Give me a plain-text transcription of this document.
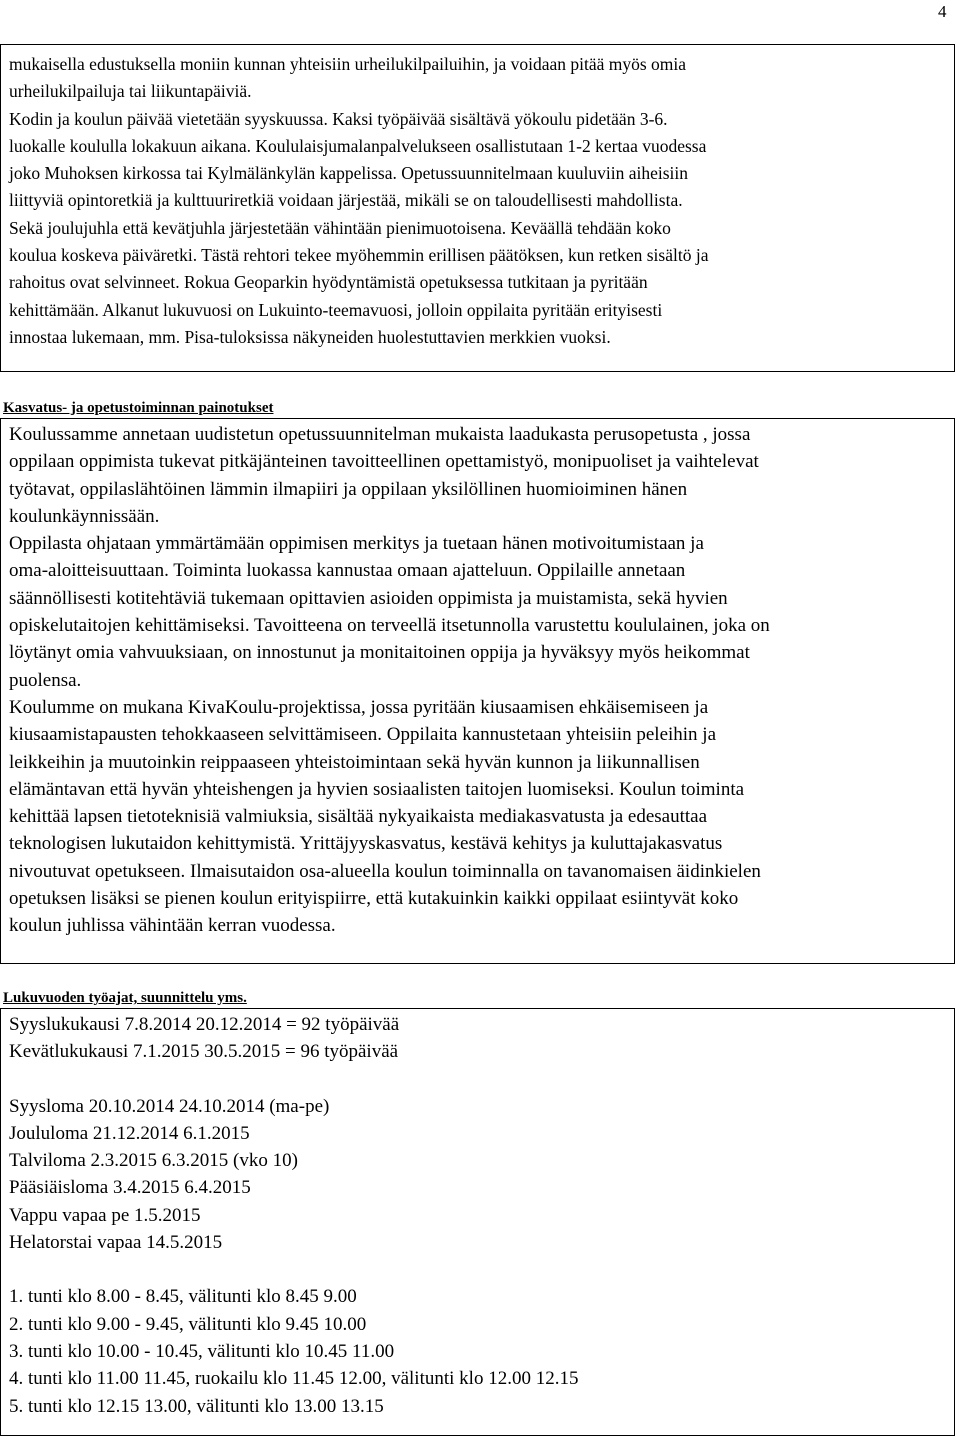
4
mukaisella edustuksella moniin kunnan yhteisiin urheilukilpailuihin, ja voidaan pitää myös omia
urheilukilpailuja tai liikuntapäiviä.
Kodin ja koulun päivää vietetään syyskuussa. Kaksi työpäivää sisältävä yökoulu pidetään 3-6.
luokalle koululla lokakuun aikana. Koululaisjumalanpalvelukseen osallistutaan 1-2 kertaa vuodessa
joko Muhoksen kirkossa tai Kylmälänkylän kappelissa. Opetussuunnitelmaan kuuluviin aiheisiin
liittyviä opintoretkiä ja kulttuuriretkiä voidaan järjestää, mikäli se on taloudellisesti mahdollista.
Sekä joulujuhla että kevätjuhla järjestetään vähintään pienimuotoisena. Keväällä tehdään koko
koulua koskeva päiväretki. Tästä rehtori tekee myöhemmin erillisen päätöksen, kun retken sisältö ja
rahoitus ovat selvinneet. Rokua Geoparkin hyödyntämistä opetuksessa tutkitaan ja pyritään
kehittämään. Alkanut lukuvuosi on Lukuinto-teemavuosi, jolloin oppilaita pyritään erityisesti
innostaa lukemaan, mm. Pisa-tuloksissa näkyneiden huolestuttavien merkkien vuoksi.
Kasvatus- ja opetustoiminnan painotukset
Koulussamme annetaan uudistetun opetussuunnitelman mukaista laadukasta perusopetusta , jossa
oppilaan oppimista tukevat pitkäjänteinen tavoitteellinen opettamistyö, monipuoliset ja vaihtelevat
työtavat, oppilaslähtöinen lämmin ilmapiiri ja oppilaan yksilöllinen huomioiminen hänen
koulunkäynnissään.
Oppilasta ohjataan ymmärtämään oppimisen merkitys ja tuetaan hänen motivoitumistaan ja
oma-aloitteisuuttaan. Toiminta luokassa kannustaa omaan ajatteluun. Oppilaille annetaan
säännöllisesti kotitehtäviä tukemaan opittavien asioiden oppimista ja muistamista, sekä hyvien
opiskelutaitojen kehittämiseksi. Tavoitteena on terveellä itsetunnolla varustettu koululainen, joka on
löytänyt omia vahvuuksiaan, on innostunut ja monitaitoinen oppija ja hyväksyy myös heikommat
puolensa.
Koulumme on mukana KivaKoulu-projektissa, jossa pyritään kiusaamisen ehkäisemiseen ja
kiusaamistapausten tehokkaaseen selvittämiseen. Oppilaita kannustetaan yhteisiin peleihin ja
leikkeihin ja muutoinkin reippaaseen yhteistoimintaan sekä hyvän kunnon ja liikunnallisen
elämäntavan että hyvän yhteishengen ja hyvien sosiaalisten taitojen luomiseksi. Koulun toiminta
kehittää lapsen tietoteknisiä valmiuksia, sisältää nykyaikaista mediakasvatusta ja edesauttaa
teknologisen lukutaidon kehittymistä. Yrittäjyyskasvatus, kestävä kehitys ja kuluttajakasvatus
nivoutuvat opetukseen. Ilmaisutaidon osa-alueella koulun toiminnalla on tavanomaisen äidinkielen
opetuksen lisäksi se pienen koulun erityispiirre, että kutakuinkin kaikki oppilaat esiintyvät koko
koulun juhlissa vähintään kerran vuodessa.
Lukuvuoden työajat, suunnittelu yms.
Syyslukukausi 7.8.2014 20.12.2014 = 92 työpäivää
Kevätlukukausi 7.1.2015 30.5.2015 = 96 työpäivää
Syysloma 20.10.2014 24.10.2014 (ma-pe)
Joululoma 21.12.2014 6.1.2015
Talviloma 2.3.2015 6.3.2015 (vko 10)
Pääsiäisloma 3.4.2015 6.4.2015
Vappu vapaa pe 1.5.2015
Helatorstai vapaa 14.5.2015
1. tunti klo 8.00 - 8.45, välitunti klo 8.45 9.00
2. tunti klo 9.00 - 9.45, välitunti klo 9.45 10.00
3. tunti klo 10.00 - 10.45, välitunti klo 10.45 11.00
4. tunti klo 11.00 11.45, ruokailu klo 11.45 12.00, välitunti klo 12.00 12.15
5. tunti klo 12.15 13.00, välitunti klo 13.00 13.15
